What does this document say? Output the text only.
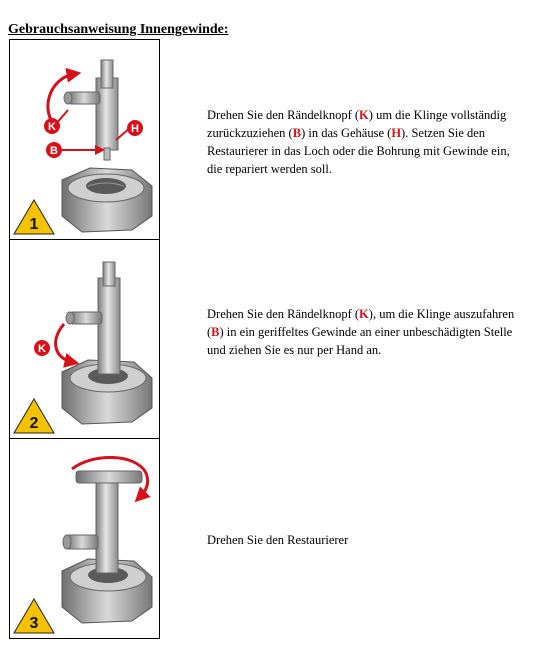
Gebrauchsanweisung Innengewinde:
K
B
H
1
Drehen Sie den Rändelknopf (K) um die Klinge vollständig zurückzuziehen (B) in das Gehäuse (H). Setzen Sie den Restaurierer in das Loch oder die Bohrung mit Gewinde ein, die repariert werden soll.
K
2
Drehen Sie den Rändelknopf (K), um die Klinge auszufahren (B) in ein geriffeltes Gewinde an einer unbeschädigten Stelle und ziehen Sie es nur per Hand an.
3
Drehen Sie den Restaurierer
